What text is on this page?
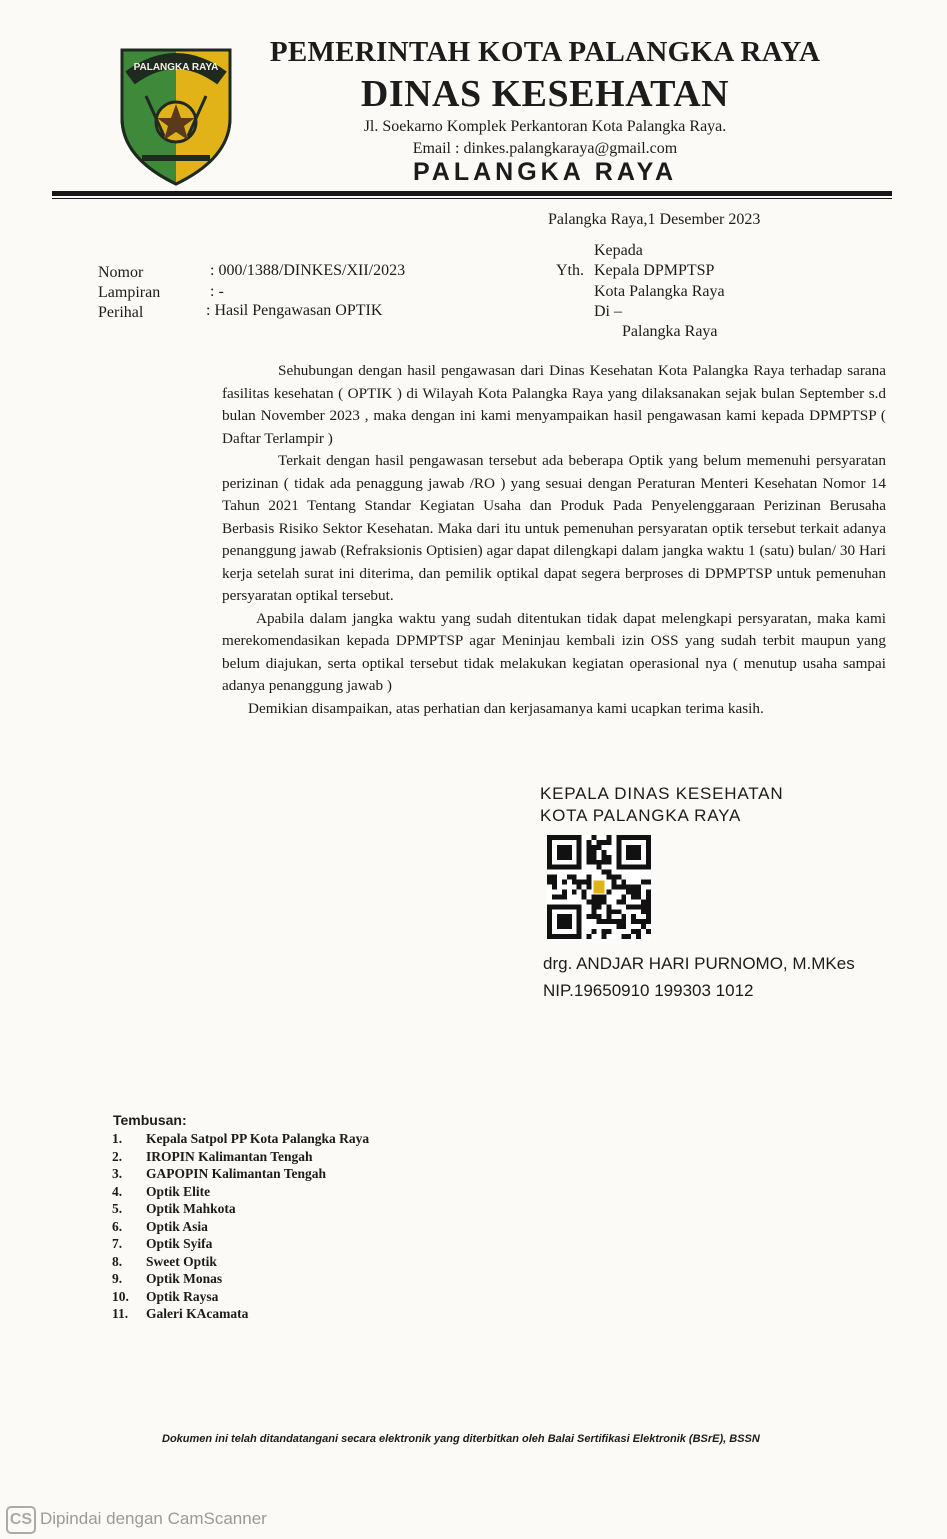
PALANGKA RAYA	PEMERINTAH KOTA PALANGKA RAYA
DINAS KESEHATAN
Jl. Soekarno Komplek Perkantoran Kota Palangka Raya.
Email : dinkes.palangkaraya@gmail.com
PALANGKA RAYA
Palangka Raya,1 Desember 2023
Kepada
Yth. Kepala DPMPTSP
Kota Palangka Raya
Di –
Palangka Raya
Nomor	: 000/1388/DINKES/XII/2023
Lampiran	: -
Perihal	: Hasil Pengawasan OPTIK

Sehubungan dengan hasil pengawasan dari Dinas Kesehatan Kota Palangka Raya terhadap sarana fasilitas kesehatan ( OPTIK ) di Wilayah Kota Palangka Raya yang dilaksanakan sejak bulan September s.d bulan November 2023 , maka dengan ini kami menyampaikan hasil pengawasan kami kepada DPMPTSP ( Daftar Terlampir )

Terkait dengan hasil pengawasan tersebut ada beberapa Optik yang belum memenuhi persyaratan perizinan ( tidak ada penaggung jawab /RO ) yang sesuai dengan Peraturan Menteri Kesehatan Nomor 14 Tahun 2021 Tentang Standar Kegiatan Usaha dan Produk Pada Penyelenggaraan Perizinan Berusaha Berbasis Risiko Sektor Kesehatan. Maka dari itu untuk pemenuhan persyaratan optik tersebut terkait adanya penanggung jawab (Refraksionis Optisien) agar dapat dilengkapi dalam jangka waktu 1 (satu) bulan/ 30 Hari kerja setelah surat ini diterima, dan pemilik optikal dapat segera berproses di DPMPTSP untuk pemenuhan persyaratan optikal tersebut.

Apabila dalam jangka waktu yang sudah ditentukan tidak dapat melengkapi persyaratan, maka kami merekomendasikan kepada DPMPTSP agar Meninjau kembali izin OSS yang sudah terbit maupun yang belum diajukan, serta optikal tersebut tidak melakukan kegiatan operasional nya ( menutup usaha sampai adanya penanggung jawab )

Demikian disampaikan, atas perhatian dan kerjasamanya kami ucapkan terima kasih.

KEPALA DINAS KESEHATAN
KOTA PALANGKA RAYA
drg. ANDJAR HARI PURNOMO, M.MKes
NIP.19650910 199303 1012
Tembusan:
1. Kepala Satpol PP Kota Palangka Raya
2. IROPIN Kalimantan Tengah
3. GAPOPIN Kalimantan Tengah
4. Optik Elite
5. Optik Mahkota
6. Optik Asia
7. Optik Syifa
8. Sweet Optik
9. Optik Monas
10. Optik Raysa
11. Galeri KAcamata
Dokumen ini telah ditandatangani secara elektronik yang diterbitkan oleh Balai Sertifikasi Elektronik (BSrE), BSSN
CS Dipindai dengan CamScanner
